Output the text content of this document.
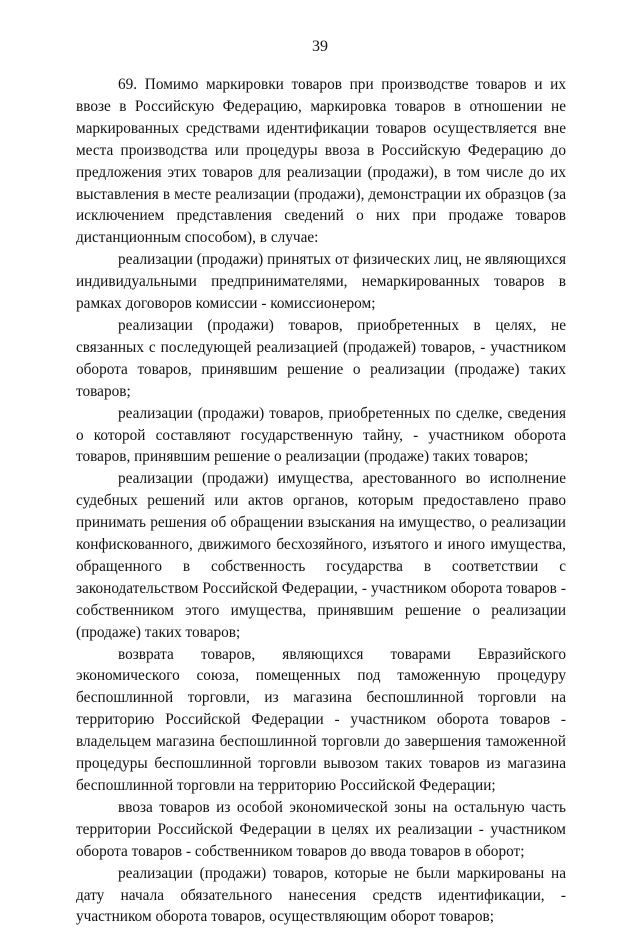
39

69. Помимо маркировки товаров при производстве товаров и их ввозе в Российскую Федерацию, маркировка товаров в отношении не маркированных средствами идентификации товаров осуществляется вне места производства или процедуры ввоза в Российскую Федерацию до предложения этих товаров для реализации (продажи), в том числе до их выставления в месте реализации (продажи), демонстрации их образцов (за исключением представления сведений о них при продаже товаров дистанционным способом), в случае:

реализации (продажи) принятых от физических лиц, не являющихся индивидуальными предпринимателями, немаркированных товаров в рамках договоров комиссии - комиссионером;

реализации (продажи) товаров, приобретенных в целях, не связанных с последующей реализацией (продажей) товаров, - участником оборота товаров, принявшим решение о реализации (продаже) таких товаров;

реализации (продажи) товаров, приобретенных по сделке, сведения о которой составляют государственную тайну, - участником оборота товаров, принявшим решение о реализации (продаже) таких товаров;

реализации (продажи) имущества, арестованного во исполнение судебных решений или актов органов, которым предоставлено право принимать решения об обращении взыскания на имущество, о реализации конфискованного, движимого бесхозяйного, изъятого и иного имущества, обращенного в собственность государства в соответствии с законодательством Российской Федерации, - участником оборота товаров - собственником этого имущества, принявшим решение о реализации (продаже) таких товаров;

возврата товаров, являющихся товарами Евразийского экономического союза, помещенных под таможенную процедуру беспошлинной торговли, из магазина беспошлинной торговли на территорию Российской Федерации - участником оборота товаров - владельцем магазина беспошлинной торговли до завершения таможенной процедуры беспошлинной торговли вывозом таких товаров из магазина беспошлинной торговли на территорию Российской Федерации;

ввоза товаров из особой экономической зоны на остальную часть территории Российской Федерации в целях их реализации - участником оборота товаров - собственником товаров до ввода товаров в оборот;

реализации (продажи) товаров, которые не были маркированы на дату начала обязательного нанесения средств идентификации, - участником оборота товаров, осуществляющим оборот товаров;
